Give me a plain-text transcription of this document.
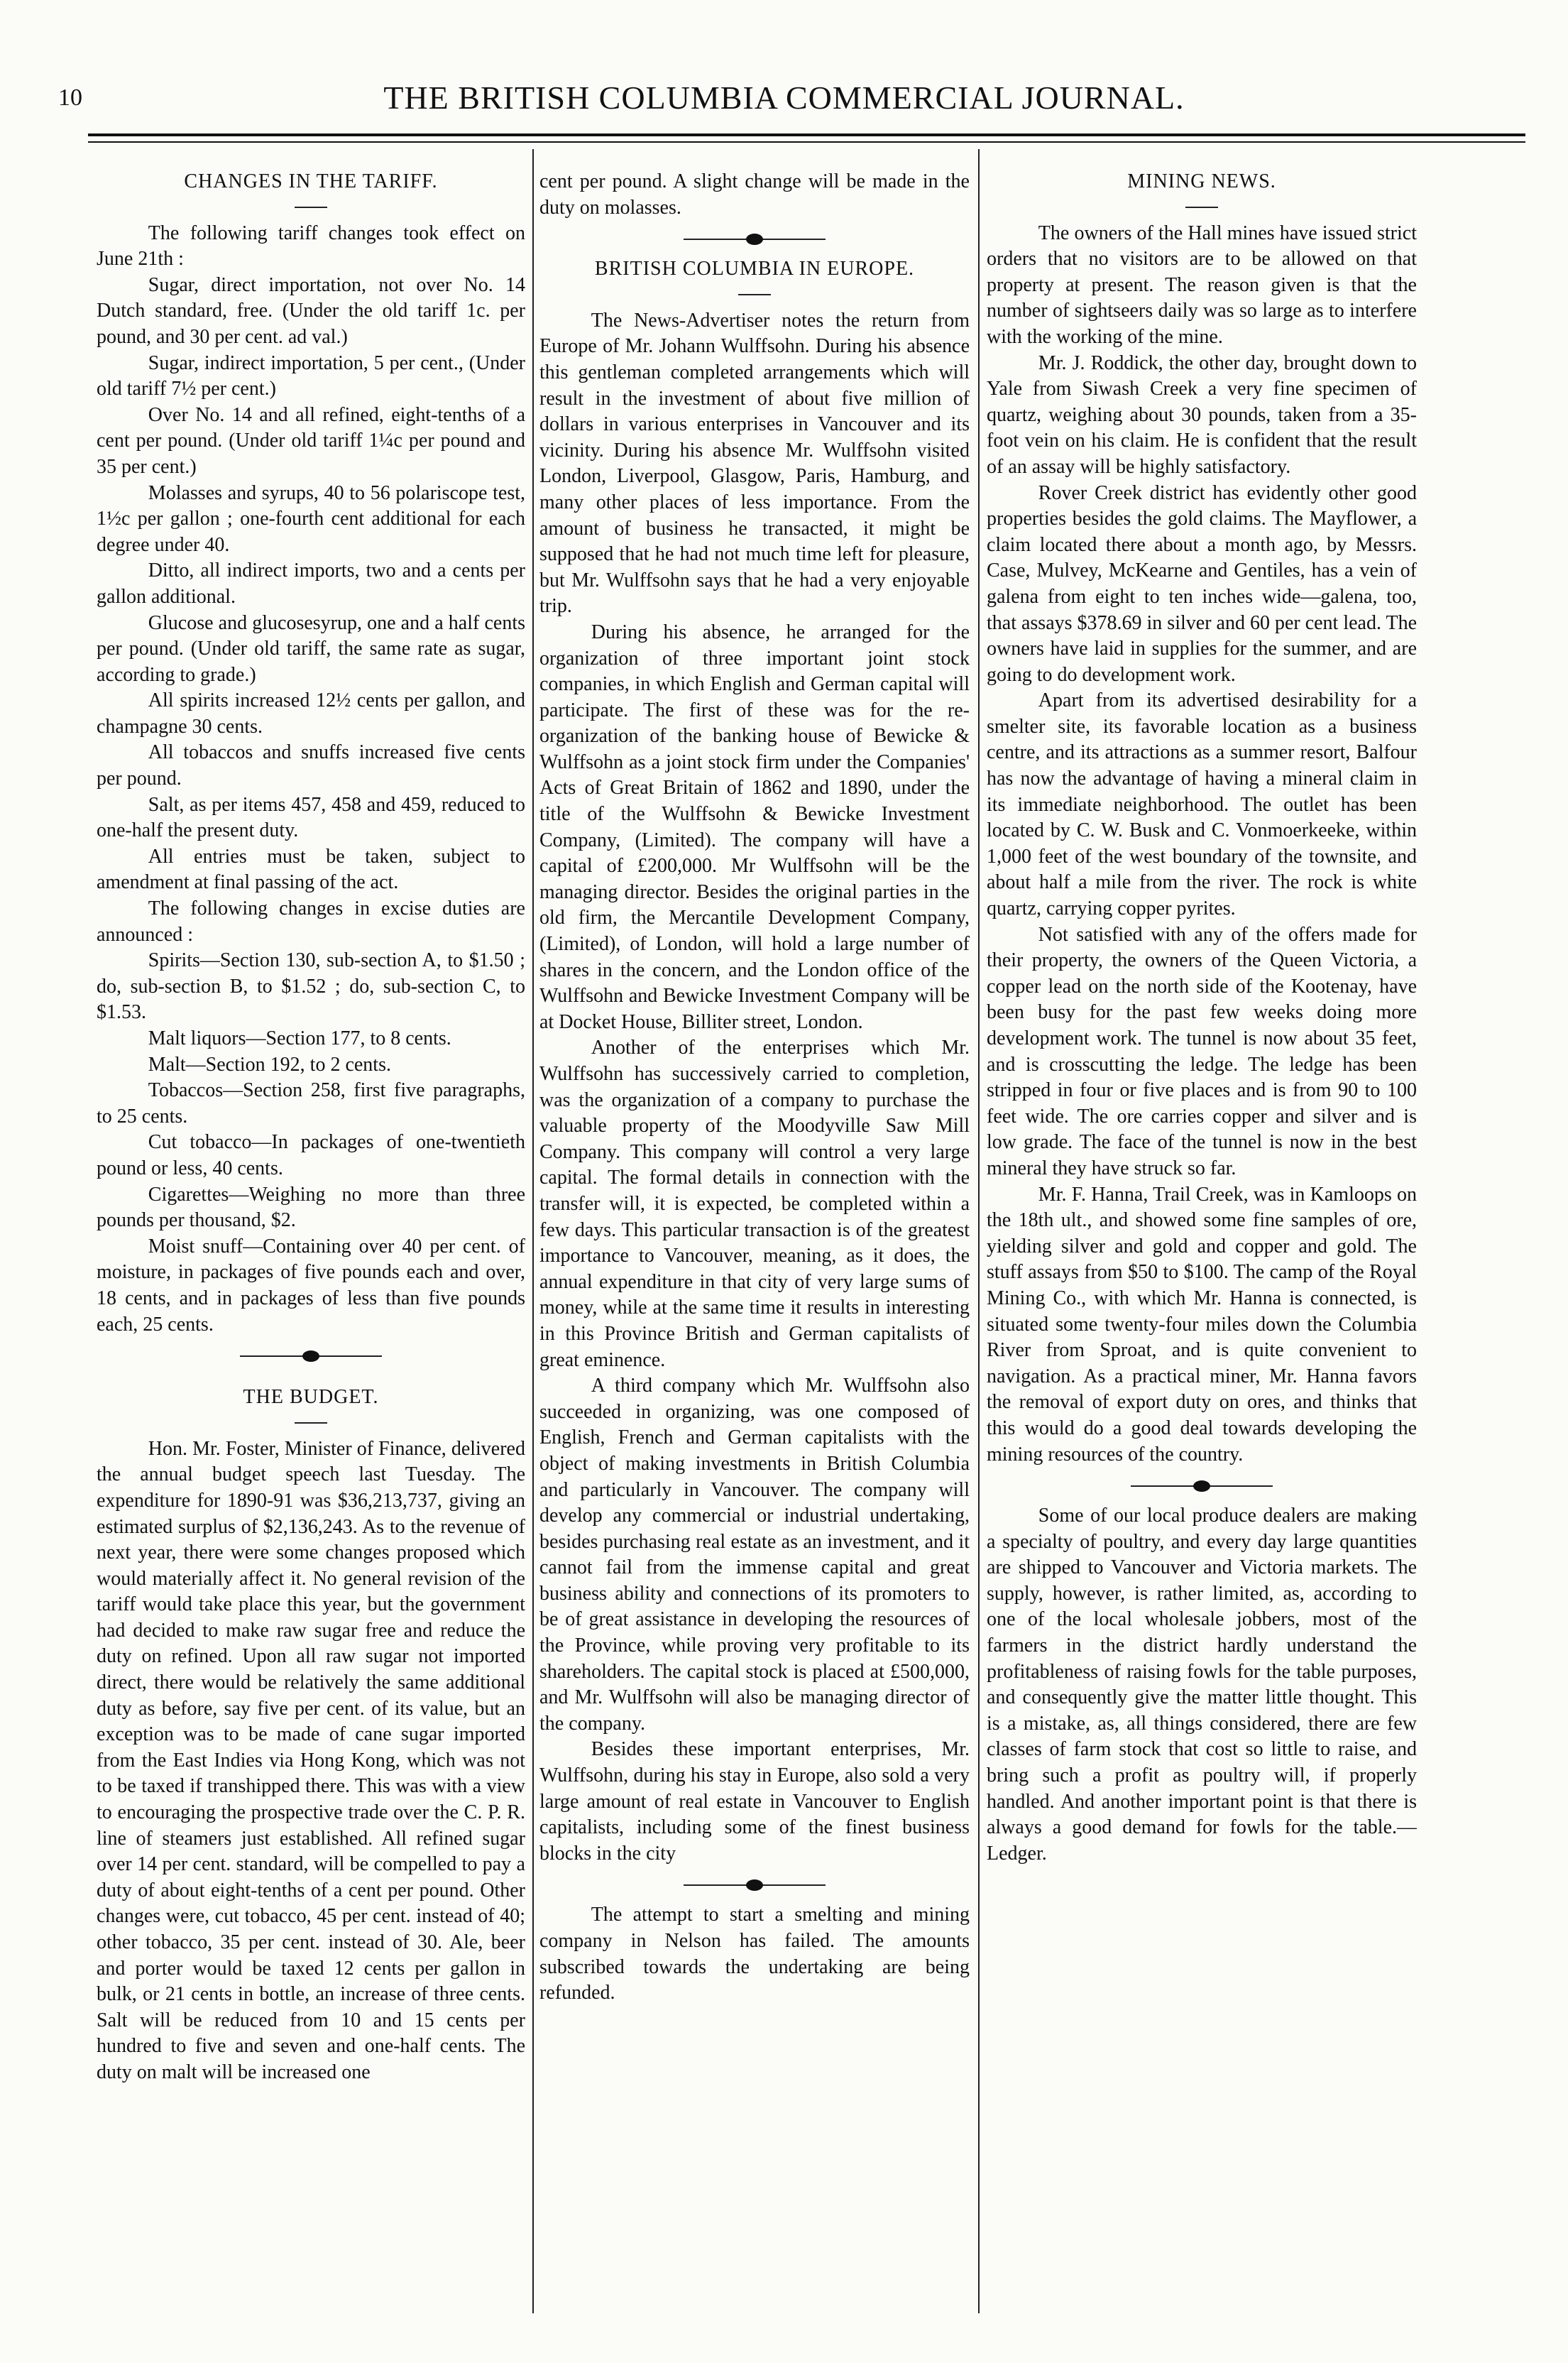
10	THE BRITISH COLUMBIA COMMERCIAL JOURNAL.
CHANGES IN THE TARIFF.

The following tariff changes took effect on June 21th :

Sugar, direct importation, not over No. 14 Dutch standard, free. (Under the old tariff 1c. per pound, and 30 per cent. ad val.)

Sugar, indirect importation, 5 per cent., (Under old tariff 7½ per cent.)

Over No. 14 and all refined, eight-tenths of a cent per pound. (Under old tariff 1¼c per pound and 35 per cent.)

Molasses and syrups, 40 to 56 polariscope test, 1½c per gallon ; one-fourth cent additional for each degree under 40.

Ditto, all indirect imports, two and a cents per gallon additional.

Glucose and glucosesyrup, one and a half cents per pound. (Under old tariff, the same rate as sugar, according to grade.)

All spirits increased 12½ cents per gallon, and champagne 30 cents.

All tobaccos and snuffs increased five cents per pound.

Salt, as per items 457, 458 and 459, reduced to one-half the present duty.

All entries must be taken, subject to amendment at final passing of the act.

The following changes in excise duties are announced :

Spirits—Section 130, sub-section A, to $1.50 ; do, sub-section B, to $1.52 ; do, sub-section C, to $1.53.

Malt liquors—Section 177, to 8 cents.

Malt—Section 192, to 2 cents.

Tobaccos—Section 258, first five paragraphs, to 25 cents.

Cut tobacco—In packages of one-twentieth pound or less, 40 cents.

Cigarettes—Weighing no more than three pounds per thousand, $2.

Moist snuff—Containing over 40 per cent. of moisture, in packages of five pounds each and over, 18 cents, and in packages of less than five pounds each, 25 cents.

THE BUDGET.

Hon. Mr. Foster, Minister of Finance, delivered the annual budget speech last Tuesday. The expenditure for 1890-91 was $36,213,737, giving an estimated surplus of $2,136,243. As to the revenue of next year, there were some changes proposed which would materially affect it. No general revision of the tariff would take place this year, but the government had decided to make raw sugar free and reduce the duty on refined. Upon all raw sugar not imported direct, there would be relatively the same additional duty as before, say five per cent. of its value, but an exception was to be made of cane sugar imported from the East Indies via Hong Kong, which was not to be taxed if transhipped there. This was with a view to encouraging the prospective trade over the C. P. R. line of steamers just established. All refined sugar over 14 per cent. standard, will be compelled to pay a duty of about eight-tenths of a cent per pound. Other changes were, cut tobacco, 45 per cent. instead of 40; other tobacco, 35 per cent. instead of 30. Ale, beer and porter would be taxed 12 cents per gallon in bulk, or 21 cents in bottle, an increase of three cents. Salt will be reduced from 10 and 15 cents per hundred to five and seven and one-half cents. The duty on malt will be increased one

cent per pound. A slight change will be made in the duty on molasses.

BRITISH COLUMBIA IN EUROPE.

The News-Advertiser notes the return from Europe of Mr. Johann Wulffsohn. During his absence this gentleman completed arrangements which will result in the investment of about five million of dollars in various enterprises in Vancouver and its vicinity. During his absence Mr. Wulffsohn visited London, Liverpool, Glasgow, Paris, Hamburg, and many other places of less importance. From the amount of business he transacted, it might be supposed that he had not much time left for pleasure, but Mr. Wulffsohn says that he had a very enjoyable trip.

During his absence, he arranged for the organization of three important joint stock companies, in which English and German capital will participate. The first of these was for the re-organization of the banking house of Bewicke & Wulffsohn as a joint stock firm under the Companies' Acts of Great Britain of 1862 and 1890, under the title of the Wulffsohn & Bewicke Investment Company, (Limited). The company will have a capital of £200,000. Mr Wulffsohn will be the managing director. Besides the original parties in the old firm, the Mercantile Development Company, (Limited), of London, will hold a large number of shares in the concern, and the London office of the Wulffsohn and Bewicke Investment Company will be at Docket House, Billiter street, London.

Another of the enterprises which Mr. Wulffsohn has successively carried to completion, was the organization of a company to purchase the valuable property of the Moodyville Saw Mill Company. This company will control a very large capital. The formal details in connection with the transfer will, it is expected, be completed within a few days. This particular transaction is of the greatest importance to Vancouver, meaning, as it does, the annual expenditure in that city of very large sums of money, while at the same time it results in interesting in this Province British and German capitalists of great eminence.

A third company which Mr. Wulffsohn also succeeded in organizing, was one composed of English, French and German capitalists with the object of making investments in British Columbia and particularly in Vancouver. The company will develop any commercial or industrial undertaking, besides purchasing real estate as an investment, and it cannot fail from the immense capital and great business ability and connections of its promoters to be of great assistance in developing the resources of the Province, while proving very profitable to its shareholders. The capital stock is placed at £500,000, and Mr. Wulffsohn will also be managing director of the company.

Besides these important enterprises, Mr. Wulffsohn, during his stay in Europe, also sold a very large amount of real estate in Vancouver to English capitalists, including some of the finest business blocks in the city

The attempt to start a smelting and mining company in Nelson has failed. The amounts subscribed towards the undertaking are being refunded.

MINING NEWS.

The owners of the Hall mines have issued strict orders that no visitors are to be allowed on that property at present. The reason given is that the number of sightseers daily was so large as to interfere with the working of the mine.

Mr. J. Roddick, the other day, brought down to Yale from Siwash Creek a very fine specimen of quartz, weighing about 30 pounds, taken from a 35-foot vein on his claim. He is confident that the result of an assay will be highly satisfactory.

Rover Creek district has evidently other good properties besides the gold claims. The Mayflower, a claim located there about a month ago, by Messrs. Case, Mulvey, McKearne and Gentiles, has a vein of galena from eight to ten inches wide—galena, too, that assays $378.69 in silver and 60 per cent lead. The owners have laid in supplies for the summer, and are going to do development work.

Apart from its advertised desirability for a smelter site, its favorable location as a business centre, and its attractions as a summer resort, Balfour has now the advantage of having a mineral claim in its immediate neighborhood. The outlet has been located by C. W. Busk and C. Vonmoerkeeke, within 1,000 feet of the west boundary of the townsite, and about half a mile from the river. The rock is white quartz, carrying copper pyrites.

Not satisfied with any of the offers made for their property, the owners of the Queen Victoria, a copper lead on the north side of the Kootenay, have been busy for the past few weeks doing more development work. The tunnel is now about 35 feet, and is crosscutting the ledge. The ledge has been stripped in four or five places and is from 90 to 100 feet wide. The ore carries copper and silver and is low grade. The face of the tunnel is now in the best mineral they have struck so far.

Mr. F. Hanna, Trail Creek, was in Kamloops on the 18th ult., and showed some fine samples of ore, yielding silver and gold and copper and gold. The stuff assays from $50 to $100. The camp of the Royal Mining Co., with which Mr. Hanna is connected, is situated some twenty-four miles down the Columbia River from Sproat, and is quite convenient to navigation. As a practical miner, Mr. Hanna favors the removal of export duty on ores, and thinks that this would do a good deal towards developing the mining resources of the country.

Some of our local produce dealers are making a specialty of poultry, and every day large quantities are shipped to Vancouver and Victoria markets. The supply, however, is rather limited, as, according to one of the local wholesale jobbers, most of the farmers in the district hardly understand the profitableness of raising fowls for the table purposes, and consequently give the matter little thought. This is a mistake, as, all things considered, there are few classes of farm stock that cost so little to raise, and bring such a profit as poultry will, if properly handled. And another important point is that there is always a good demand for fowls for the table.—Ledger.
